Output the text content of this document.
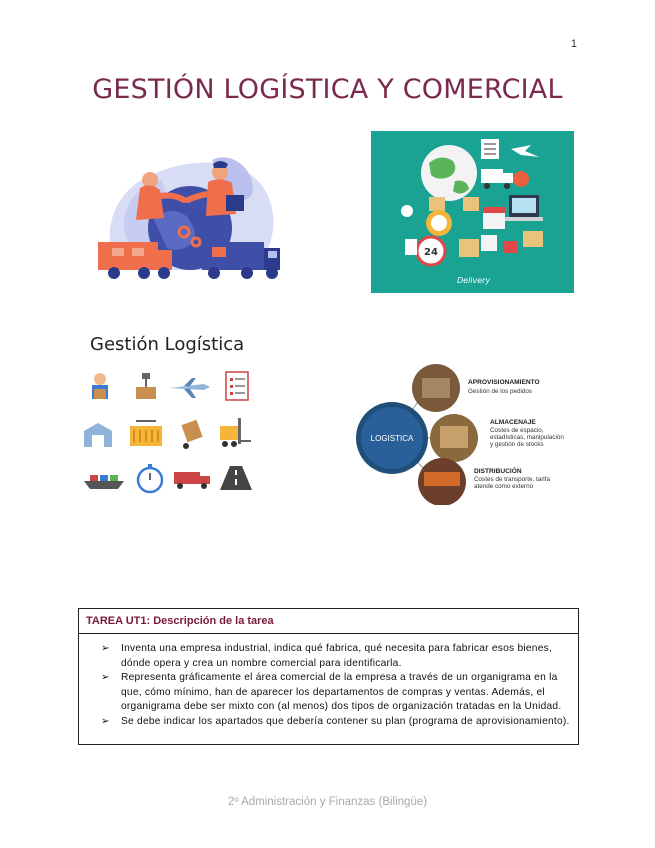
1
GESTIÓN LOGÍSTICA Y COMERCIAL
24
Delivery
Gestión Logística
LOGISTICA
APROVISIONAMIENTO
Gestión de los pedidos
ALMACENAJE
Costes de espacio,
estadísticas, manipulación
y gestión de stocks
DISTRIBUCIÓN
Costes de transporte, tarifa
atende como externo
TAREA UT1: Descripción de la tarea
➢ Inventa una empresa industrial, indica qué fabrica, qué necesita para fabricar esos bienes, dónde opera y crea un nombre comercial para identificarla.
➢ Representa gráficamente el área comercial de la empresa a través de un organigrama en la que, cómo mínimo, han de aparecer los departamentos de compras y ventas. Además, el organigrama debe ser mixto con (al menos) dos tipos de organización tratadas en la Unidad.
➢ Se debe indicar los apartados que debería contener su plan (programa de aprovisionamiento).
2º Administración y Finanzas (Bilingüe)
